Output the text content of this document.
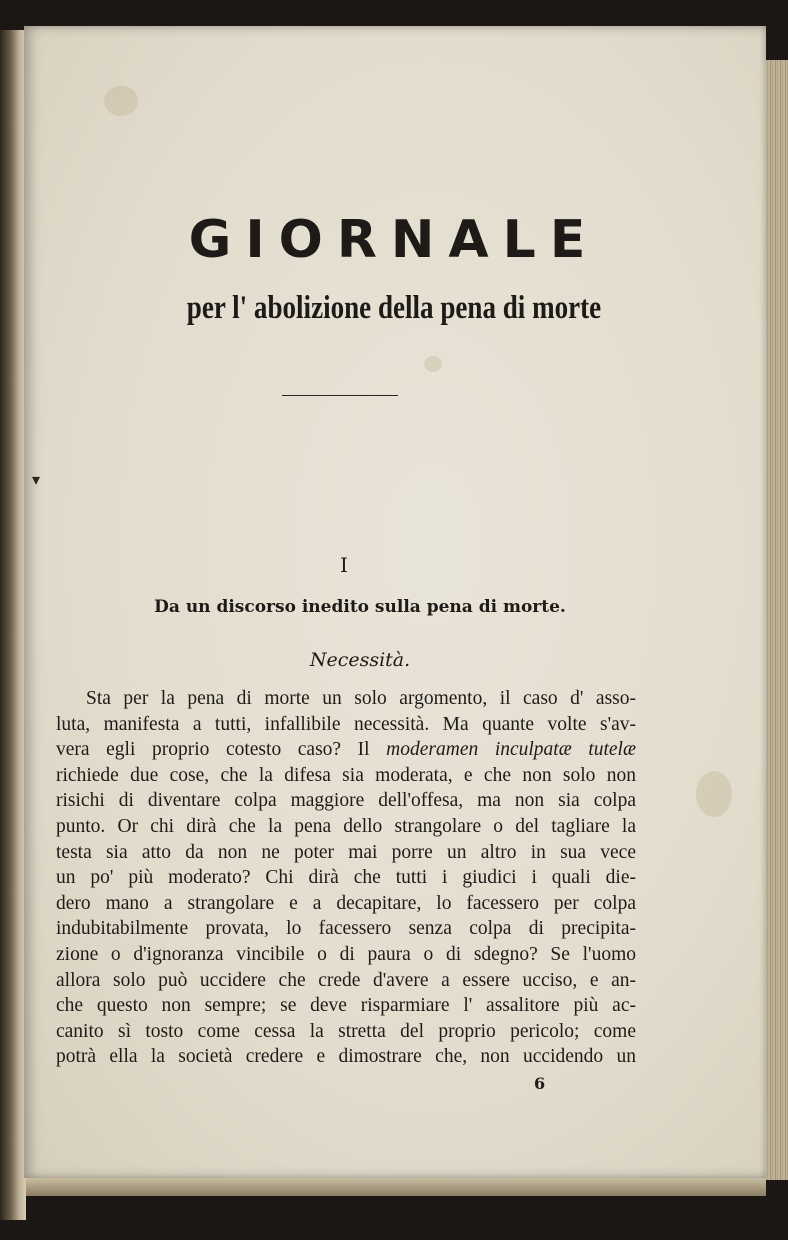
▾
GIORNALE
per l' abolizione della pena di morte
I
Da un discorso inedito sulla pena di morte.
Necessità.
Sta per la pena di morte un solo argomento, il caso d' asso-
luta, manifesta a tutti, infallibile necessità. Ma quante volte s'av-
vera egli proprio cotesto caso? Il moderamen inculpatæ tutelæ
richiede due cose, che la difesa sia moderata, e che non solo non
risichi di diventare colpa maggiore dell'offesa, ma non sia colpa
punto. Or chi dirà che la pena dello strangolare o del tagliare la
testa sia atto da non ne poter mai porre un altro in sua vece
un po' più moderato? Chi dirà che tutti i giudici i quali die-
dero mano a strangolare e a decapitare, lo facessero per colpa
indubitabilmente provata, lo facessero senza colpa di precipita-
zione o d'ignoranza vincibile o di paura o di sdegno? Se l'uomo
allora solo può uccidere che crede d'avere a essere ucciso, e an-
che questo non sempre; se deve risparmiare l' assalitore più ac-
canito sì tosto come cessa la stretta del proprio pericolo; come
potrà ella la società credere e dimostrare che, non uccidendo un
6
